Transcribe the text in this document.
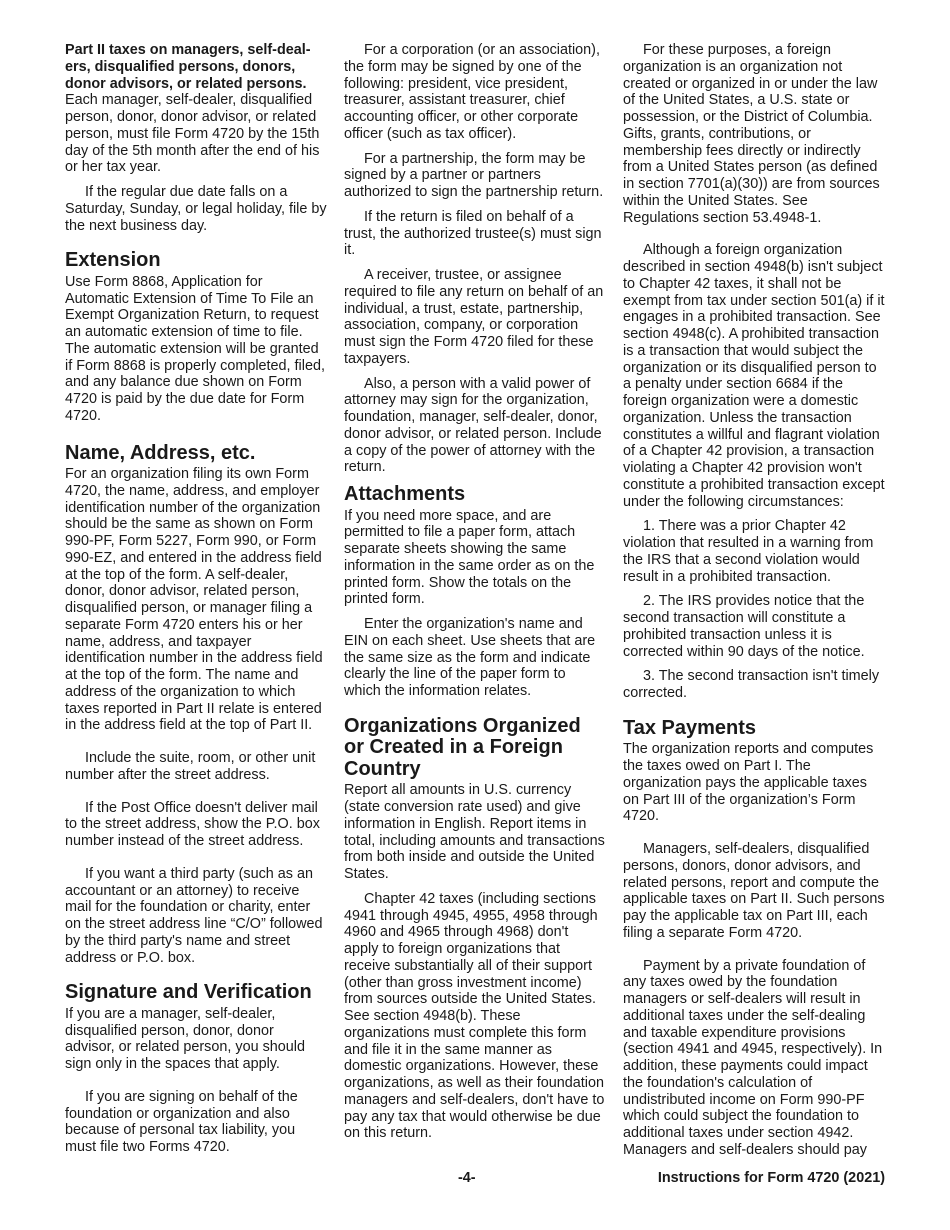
Part II taxes on managers, self-deal-ers, disqualified persons, donors, donor advisors, or related persons. Each manager, self-dealer, disqualified person, donor, donor advisor, or related person, must file Form 4720 by the 15th day of the 5th month after the end of his or her tax year.

If the regular due date falls on a Saturday, Sunday, or legal holiday, file by the next business day.

Extension

Use Form 8868, Application for Automatic Extension of Time To File an Exempt Organization Return, to request an automatic extension of time to file. The automatic extension will be granted if Form 8868 is properly completed, filed, and any balance due shown on Form 4720 is paid by the due date for Form 4720.

Name, Address, etc.

For an organization filing its own Form 4720, the name, address, and employer identification number of the organization should be the same as shown on Form 990-PF, Form 5227, Form 990, or Form 990-EZ, and entered in the address field at the top of the form. A self-dealer, donor, donor advisor, related person, disqualified person, or manager filing a separate Form 4720 enters his or her name, address, and taxpayer identification number in the address field at the top of the form. The name and address of the organization to which taxes reported in Part II relate is entered in the address field at the top of Part II.

Include the suite, room, or other unit number after the street address.

If the Post Office doesn't deliver mail to the street address, show the P.O. box number instead of the street address.

If you want a third party (such as an accountant or an attorney) to receive mail for the foundation or charity, enter on the street address line “C/O” followed by the third party's name and street address or P.O. box.

Signature and Verification

If you are a manager, self-dealer, disqualified person, donor, donor advisor, or related person, you should sign only in the spaces that apply.

If you are signing on behalf of the foundation or organization and also because of personal tax liability, you must file two Forms 4720.

For a corporation (or an association), the form may be signed by one of the following: president, vice president, treasurer, assistant treasurer, chief accounting officer, or other corporate officer (such as tax officer).

For a partnership, the form may be signed by a partner or partners authorized to sign the partnership return.

If the return is filed on behalf of a trust, the authorized trustee(s) must sign it.

A receiver, trustee, or assignee required to file any return on behalf of an individual, a trust, estate, partnership, association, company, or corporation must sign the Form 4720 filed for these taxpayers.

Also, a person with a valid power of attorney may sign for the organization, foundation, manager, self-dealer, donor, donor advisor, or related person. Include a copy of the power of attorney with the return.

Attachments

If you need more space, and are permitted to file a paper form, attach separate sheets showing the same information in the same order as on the printed form. Show the totals on the printed form.

Enter the organization's name and EIN on each sheet. Use sheets that are the same size as the form and indicate clearly the line of the paper form to which the information relates.

Organizations Organized or Created in a Foreign Country

Report all amounts in U.S. currency (state conversion rate used) and give information in English. Report items in total, including amounts and transactions from both inside and outside the United States.

Chapter 42 taxes (including sections 4941 through 4945, 4955, 4958 through 4960 and 4965 through 4968) don't apply to foreign organizations that receive substantially all of their support (other than gross investment income) from sources outside the United States. See section 4948(b). These organizations must complete this form and file it in the same manner as domestic organizations. However, these organizations, as well as their foundation managers and self-dealers, don't have to pay any tax that would otherwise be due on this return.

For these purposes, a foreign organization is an organization not created or organized in or under the law of the United States, a U.S. state or possession, or the District of Columbia. Gifts, grants, contributions, or membership fees directly or indirectly from a United States person (as defined in section 7701(a)(30)) are from sources within the United States. See Regulations section 53.4948-1.

Although a foreign organization described in section 4948(b) isn't subject to Chapter 42 taxes, it shall not be exempt from tax under section 501(a) if it engages in a prohibited transaction. See section 4948(c). A prohibited transaction is a transaction that would subject the organization or its disqualified person to a penalty under section 6684 if the foreign organization were a domestic organization. Unless the transaction constitutes a willful and flagrant violation of a Chapter 42 provision, a transaction violating a Chapter 42 provision won't constitute a prohibited transaction except under the following circumstances:

1. There was a prior Chapter 42 violation that resulted in a warning from the IRS that a second violation would result in a prohibited transaction.

2. The IRS provides notice that the second transaction will constitute a prohibited transaction unless it is corrected within 90 days of the notice.

3. The second transaction isn't timely corrected.

Tax Payments

The organization reports and computes the taxes owed on Part I. The organization pays the applicable taxes on Part III of the organization’s Form 4720.

Managers, self-dealers, disqualified persons, donors, donor advisors, and related persons, report and compute the applicable taxes on Part II. Such persons pay the applicable tax on Part III, each filing a separate Form 4720.

Payment by a private foundation of any taxes owed by the foundation managers or self-dealers will result in additional taxes under the self-dealing and taxable expenditure provisions (section 4941 and 4945, respectively). In addition, these payments could impact the foundation's calculation of undistributed income on Form 990-PF which could subject the foundation to additional taxes under section 4942. Managers and self-dealers should pay

-4-	Instructions for Form 4720 (2021)
